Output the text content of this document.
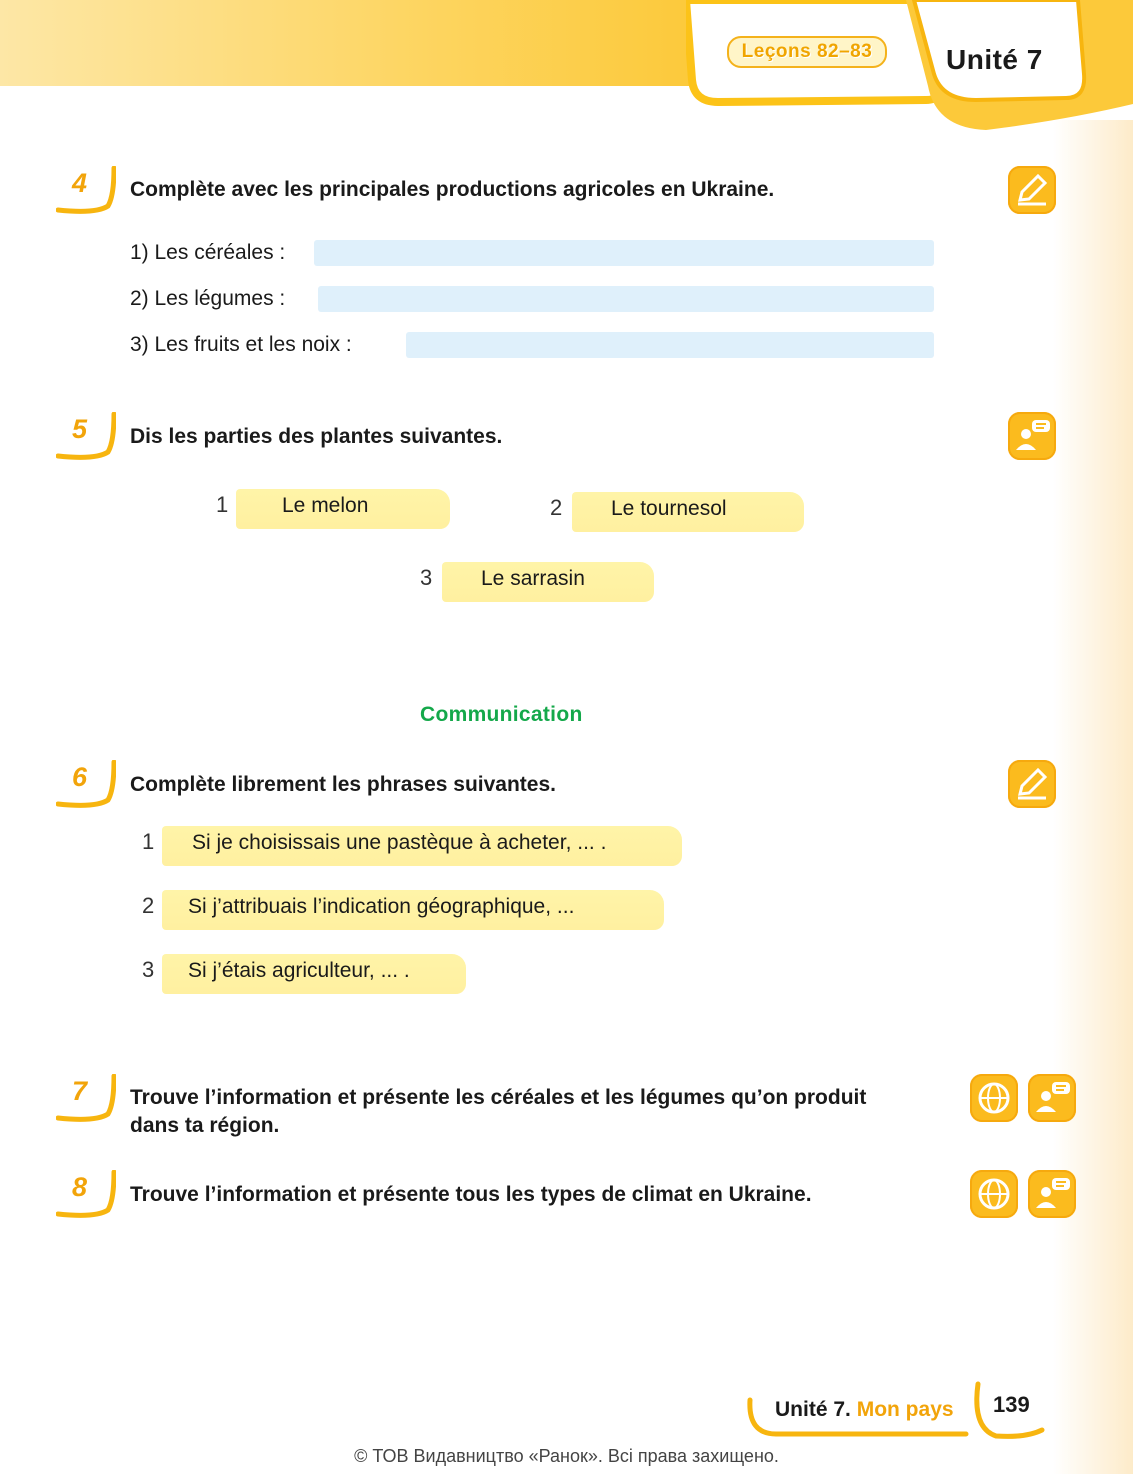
Leçons 82–83	Unité 7
4 Complète avec les principales productions agricoles en Ukraine.
1) Les céréales :
2) Les légumes :
3) Les fruits et les noix :
5 Dis les parties des plantes suivantes.
1	Le melon	2 Le tournesol
3 Le sarrasin
Communication
6 Complète librement les phrases suivantes.
1 Si je choisissais une pastèque à acheter, ... .
2 Si j’attribuais l’indication géographique, ...
3 Si j’étais agriculteur, ... .
7 Trouve l’information et présente les céréales et les légumes qu’on produit
dans ta région.
8 Trouve l’information et présente tous les types de climat en Ukraine.
Unité 7. Mon pays 139
© ТОВ Видавництво «Ранок». Всі права захищено.
